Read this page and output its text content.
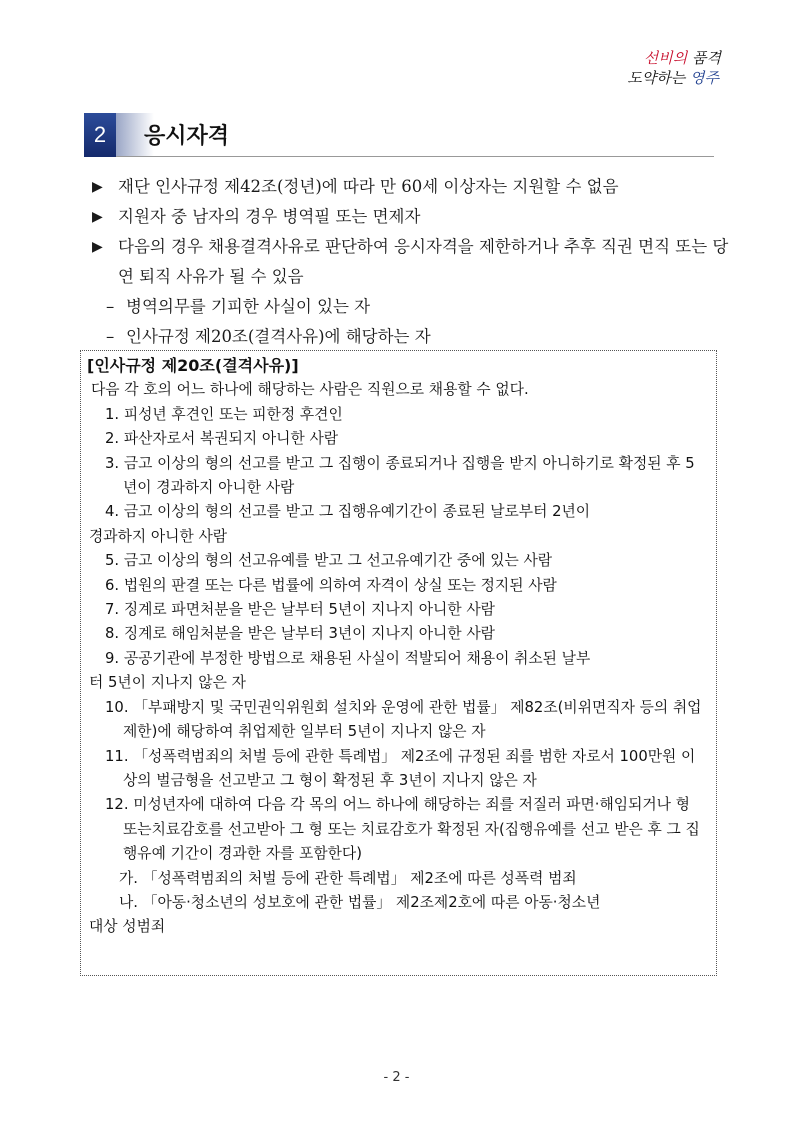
선비의 품격
도약하는 영주
2	응시자격
▶ 재단 인사규정 제42조(정년)에 따라 만 60세 이상자는 지원할 수 없음
▶ 지원자 중 남자의 경우 병역필 또는 면제자
▶ 다음의 경우 채용결격사유로 판단하여 응시자격을 제한하거나 추후 직권 면직 또는 당연 퇴직 사유가 될 수 있음
– 병역의무를 기피한 사실이 있는 자
– 인사규정 제20조(결격사유)에 해당하는 자
[인사규정 제20조(결격사유)]
다음 각 호의 어느 하나에 해당하는 사람은 직원으로 채용할 수 없다.
1. 피성년 후견인 또는 피한정 후견인
2. 파산자로서 복권되지 아니한 사람
3. 금고 이상의 형의 선고를 받고 그 집행이 종료되거나 집행을 받지 아니하기로 확정된 후 5년이 경과하지 아니한 사람
4. 금고 이상의 형의 선고를 받고 그 집행유예기간이 종료된 날로부터 2년이
경과하지 아니한 사람
5. 금고 이상의 형의 선고유예를 받고 그 선고유예기간 중에 있는 사람
6. 법원의 판결 또는 다른 법률에 의하여 자격이 상실 또는 정지된 사람
7. 징계로 파면처분을 받은 날부터 5년이 지나지 아니한 사람
8. 징계로 해임처분을 받은 날부터 3년이 지나지 아니한 사람
9. 공공기관에 부정한 방법으로 채용된 사실이 적발되어 채용이 취소된 날부
터 5년이 지나지 않은 자
10. 「부패방지 및 국민권익위원회 설치와 운영에 관한 법률」 제82조(비위면직자 등의 취업제한)에 해당하여 취업제한 일부터 5년이 지나지 않은 자
11. 「성폭력범죄의 처벌 등에 관한 특례법」 제2조에 규정된 죄를 범한 자로서 100만원 이상의 벌금형을 선고받고 그 형이 확정된 후 3년이 지나지 않은 자
12. 미성년자에 대하여 다음 각 목의 어느 하나에 해당하는 죄를 저질러 파면·해임되거나 형 또는치료감호를 선고받아 그 형 또는 치료감호가 확정된 자(집행유예를 선고 받은 후 그 집행유예 기간이 경과한 자를 포함한다)
가. 「성폭력범죄의 처벌 등에 관한 특례법」 제2조에 따른 성폭력 범죄
나. 「아동·청소년의 성보호에 관한 법률」 제2조제2호에 따른 아동·청소년
대상 성범죄
- 2 -
